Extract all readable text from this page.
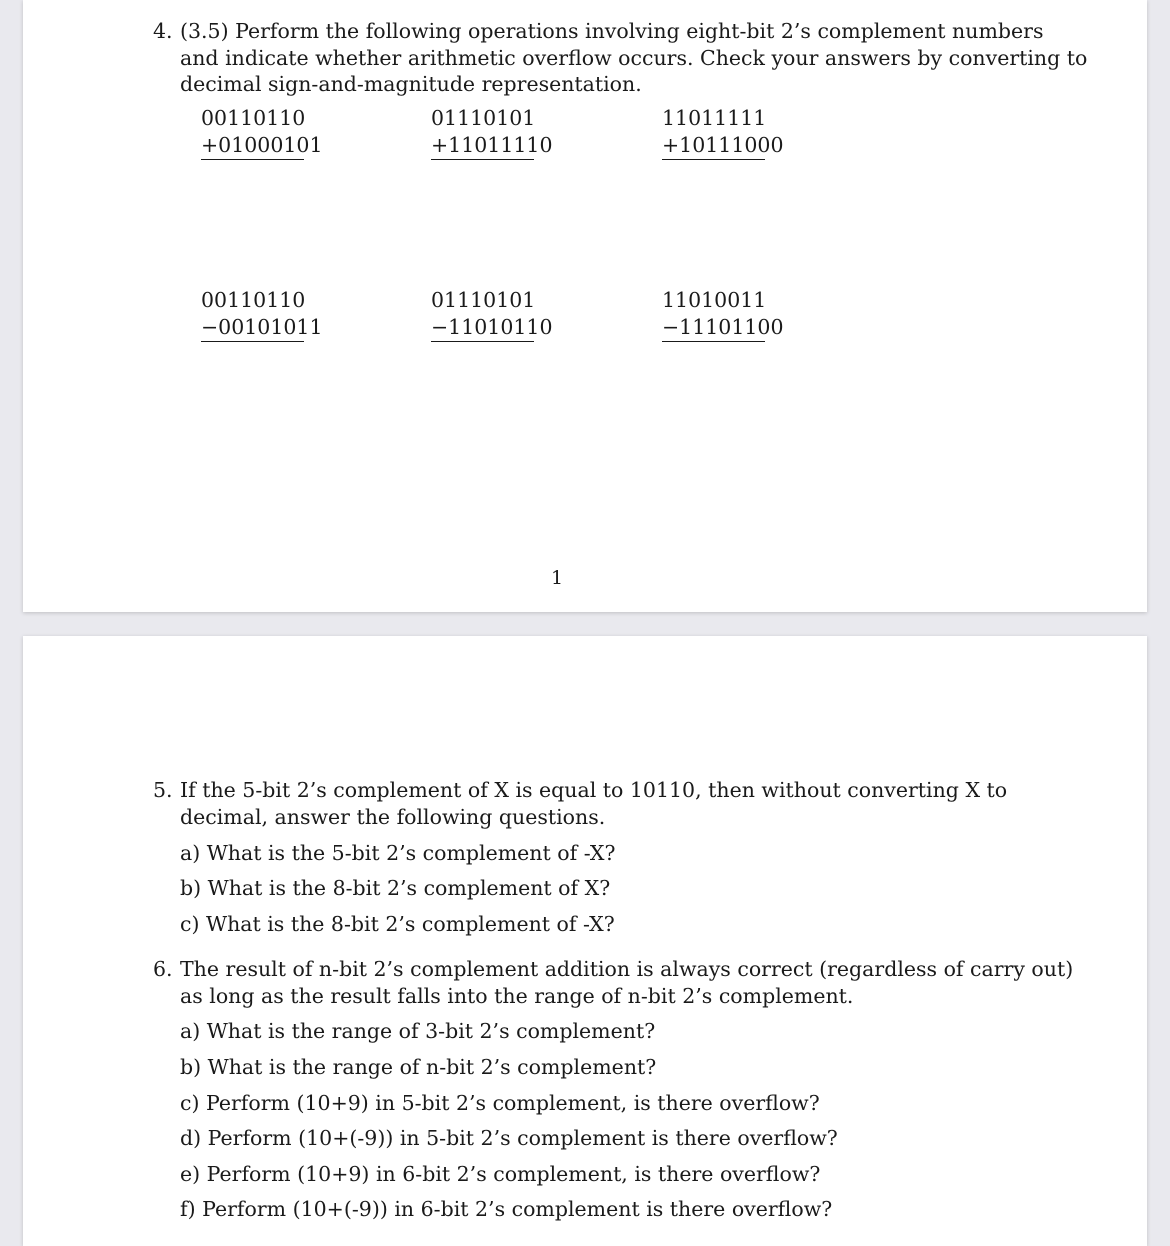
4. (3.5) Perform the following operations involving eight-bit 2’s complement numbers
and indicate whether arithmetic overflow occurs. Check your answers by converting to
decimal sign-and-magnitude representation.
00110110
+01000101
01110101
+11011110
11011111
+10111000
00110110
−00101011
01110101
−11010110
11010011
−11101100
1
5. If the 5-bit 2’s complement of X is equal to 10110, then without converting X to
decimal, answer the following questions.
a) What is the 5-bit 2’s complement of -X?
b) What is the 8-bit 2’s complement of X?
c) What is the 8-bit 2’s complement of -X?
6. The result of n-bit 2’s complement addition is always correct (regardless of carry out)
as long as the result falls into the range of n-bit 2’s complement.
a) What is the range of 3-bit 2’s complement?
b) What is the range of n-bit 2’s complement?
c) Perform (10+9) in 5-bit 2’s complement, is there overflow?
d) Perform (10+(-9)) in 5-bit 2’s complement is there overflow?
e) Perform (10+9) in 6-bit 2’s complement, is there overflow?
f) Perform (10+(-9)) in 6-bit 2’s complement is there overflow?
